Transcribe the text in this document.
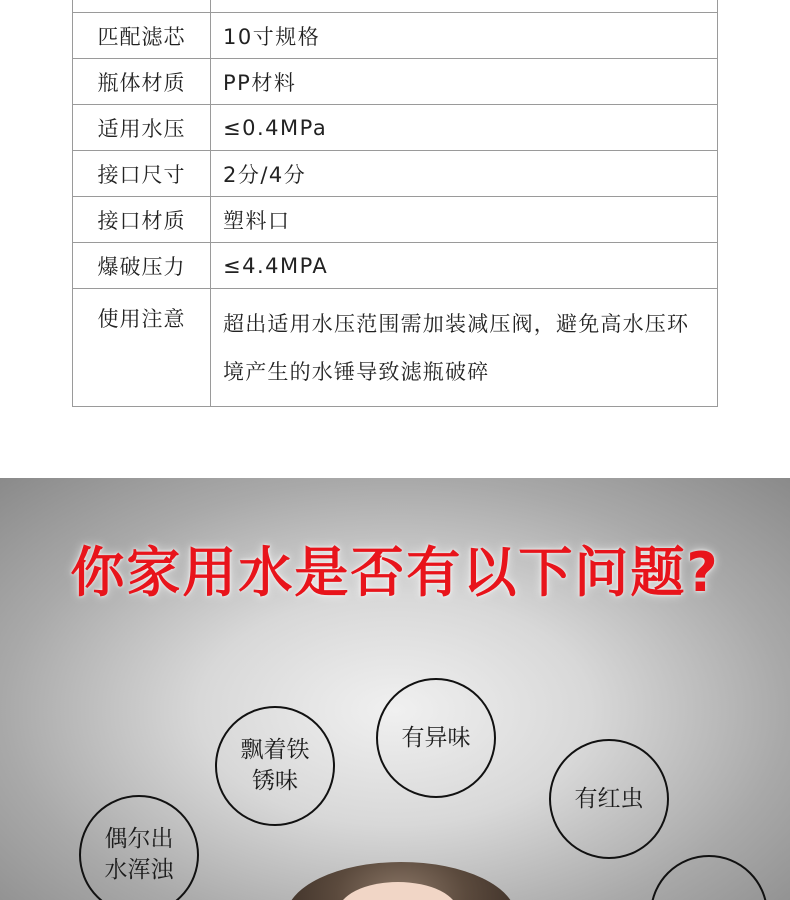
匹配滤芯	10寸规格
瓶体材质	PP材料
适用水压	≤0.4MPa
接口尺寸	2分/4分
接口材质	塑料口
爆破压力	≤4.4MPA
使用注意	超出适用水压范围需加装减压阀，避免高水压环境产生的水锤导致滤瓶破碎
你家用水是否有以下问题?
飘着铁
锈味
有异味
有红虫
偶尔出
水浑浊
